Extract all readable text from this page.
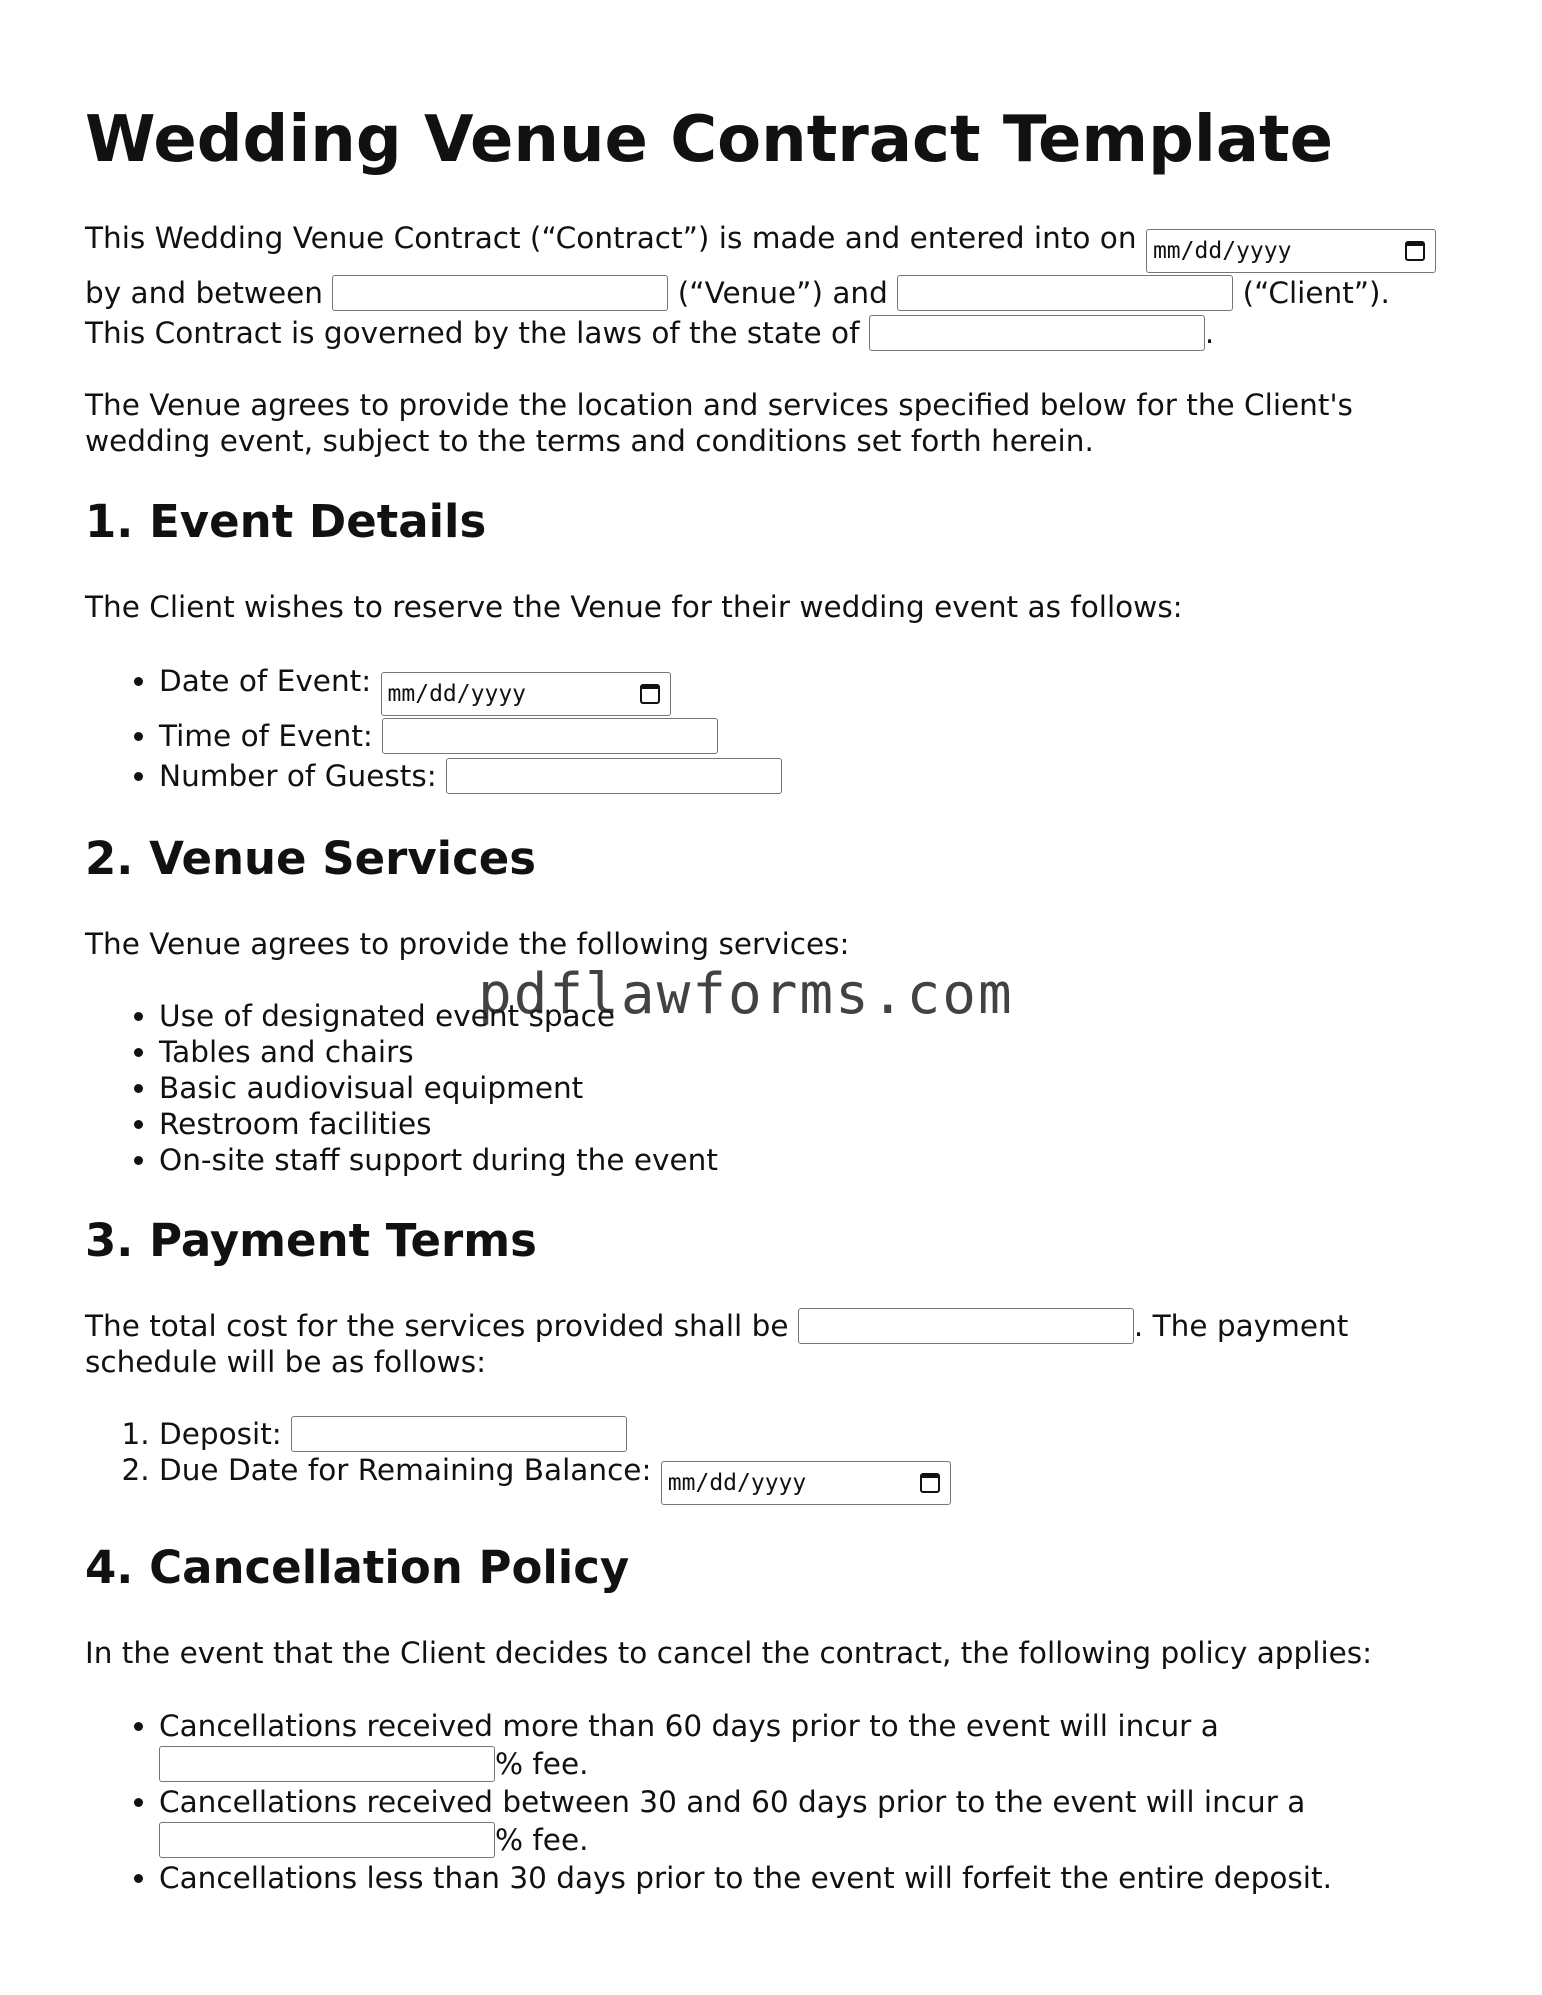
Wedding Venue Contract Template

This Wedding Venue Contract (“Contract”) is made and entered into on mm/dd/yyyy

by and between	(“Venue”) and	(“Client”).
This Contract is governed by the laws of the state of	.

The Venue agrees to provide the location and services specified below for the Client's wedding event, subject to the terms and conditions set forth herein.

1. Event Details

The Client wishes to reserve the Venue for their wedding event as follows:

• Date of Event: mm/dd/yyyy
• Time of Event:
• Number of Guests:
2. Venue Services

The Venue agrees to provide the following services:

• Use of designated event space
• Tables and chairs
• Basic audiovisual equipment
• Restroom facilities
• On-site staff support during the event
3. Payment Terms

The total cost for the services provided shall be	. The payment schedule will be as follows:

1. Deposit:
2. Due Date for Remaining Balance: mm/dd/yyyy
4. Cancellation Policy

In the event that the Client decides to cancel the contract, the following policy applies:

• Cancellations received more than 60 days prior to the event will incur a
% fee.
• Cancellations received between 30 and 60 days prior to the event will incur a
% fee.
• Cancellations less than 30 days prior to the event will forfeit the entire deposit.
pdflawforms.com
